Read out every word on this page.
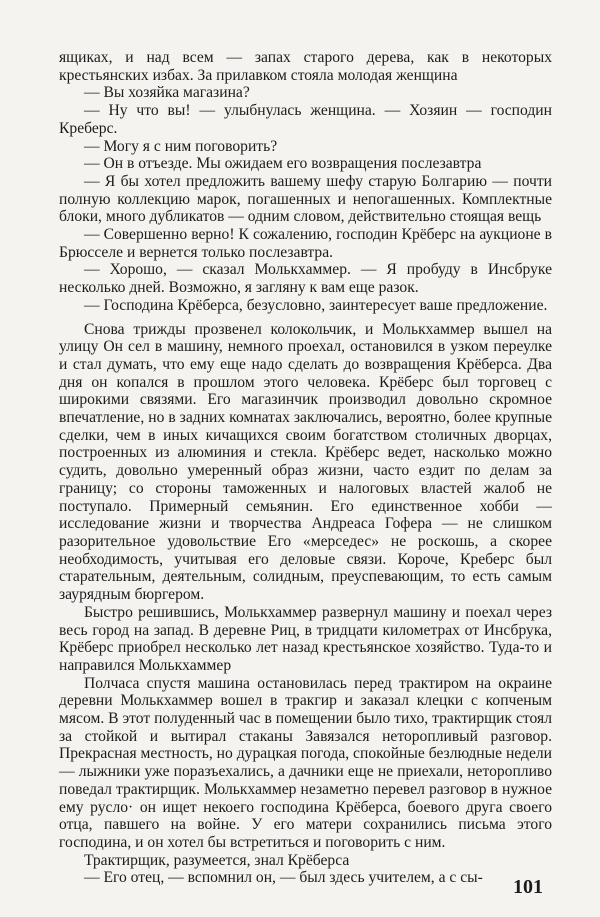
ящиках, и над всем — запах старого дерева, как в некоторых крестьянских избах. За прилавком стояла молодая женщина

— Вы хозяйка магазина?

— Ну что вы! — улыбнулась женщина. — Хозяин — господин Креберс.

— Могу я с ним поговорить?

— Он в отъезде. Мы ожидаем его возвращения послезавтра

— Я бы хотел предложить вашему шефу старую Болгарию — почти полную коллекцию марок, погашенных и непогашенных. Комплектные блоки, много дубликатов — одним словом, действительно стоящая вещь

— Совершенно верно! К сожалению, господин Крёберс на аукционе в Брюсселе и вернется только послезавтра.

— Хорошо, — сказал Молькхаммер. — Я пробуду в Инсбруке несколько дней. Возможно, я загляну к вам еще разок.

— Господина Крёберса, безусловно, заинтересует ваше предложение.

Снова трижды прозвенел колокольчик, и Молькхаммер вышел на улицу Он сел в машину, немного проехал, остановился в узком переулке и стал думать, что ему еще надо сделать до возвращения Крёберса. Два дня он копался в прошлом этого человека. Крёберс был торговец с широкими связями. Его магазинчик производил довольно скромное впечатление, но в задних комнатах заключались, вероятно, более крупные сделки, чем в иных кичащихся своим богатством столичных дворцах, построенных из алюминия и стекла. Крёберс ведет, насколько можно судить, довольно умеренный образ жизни, часто ездит по делам за границу; со стороны таможенных и налоговых властей жалоб не поступало. Примерный семьянин. Его единственное хобби — исследование жизни и творчества Андреаса Гофера — не слишком разорительное удовольствие Его «мерседес» не роскошь, а скорее необходимость, учитывая его деловые связи. Короче, Креберс был старательным, деятельным, солидным, преуспевающим, то есть самым заурядным бюргером.

Быстро решившись, Молькхаммер развернул машину и поехал через весь город на запад. В деревне Риц, в тридцати километрах от Инсбрука, Крёберс приобрел несколько лет назад крестьянское хозяйство. Туда-то и направился Молькхаммер

Полчаса спустя машина остановилась перед трактиром на окраине деревни Молькхаммер вошел в тракгир и заказал клецки с копченым мясом. В этот полуденный час в помещении было тихо, трактирщик стоял за стойкой и вытирал стаканы Завязался неторопливый разговор. Прекрасная местность, но дурацкая погода, спокойные безлюдные недели — лыжники уже поразъехались, а дачники еще не приехали, неторопливо поведал трактирщик. Молькхаммер незаметно перевел разговор в нужное ему русло· он ищет некоего господина Крёберса, боевого друга своего отца, павшего на войне. У его матери сохранились письма этого господина, и он хотел бы встретиться и поговорить с ним.

Трактирщик, разумеется, знал Крёберса

— Его отец, — вспомнил он, — был здесь учителем, а с сы-	101
